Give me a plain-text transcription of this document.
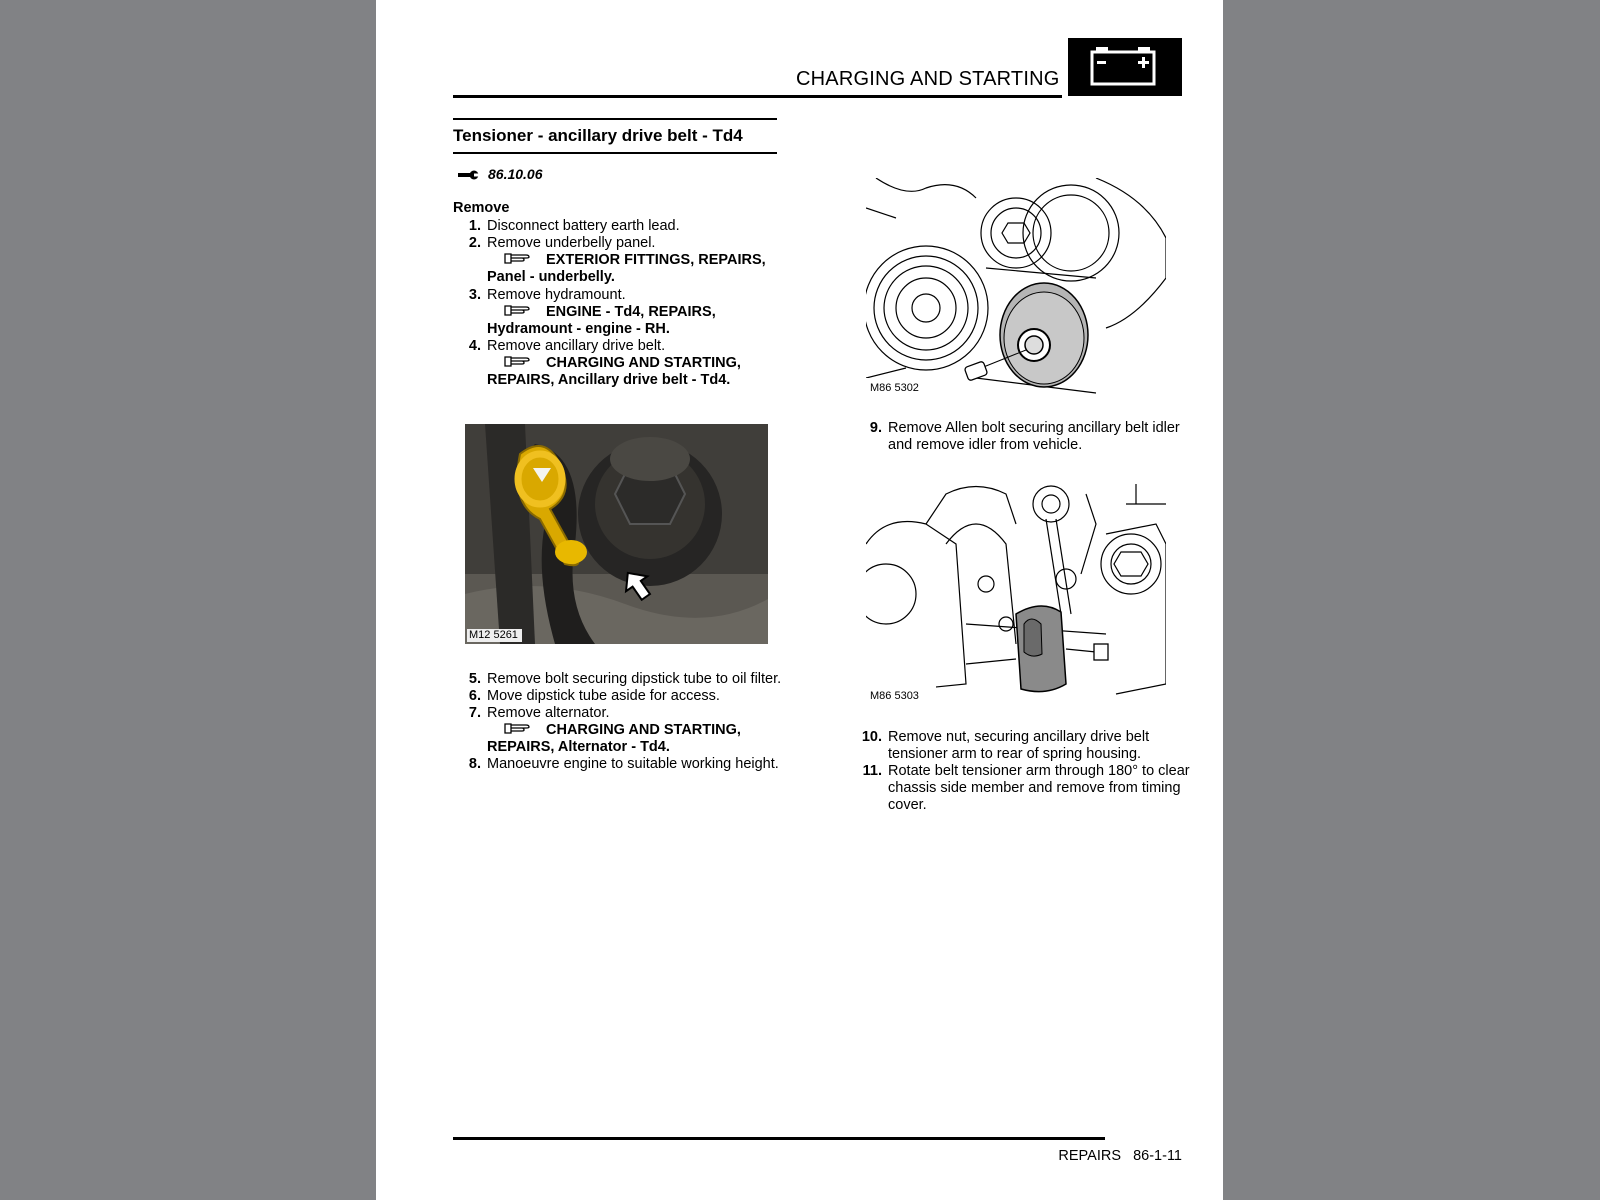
CHARGING AND STARTING
Tensioner - ancillary drive belt - Td4
86.10.06
Remove
1. Disconnect battery earth lead.
2. Remove underbelly panel.
EXTERIOR FITTINGS, REPAIRS,
Panel - underbelly.
3. Remove hydramount.
ENGINE - Td4, REPAIRS,
Hydramount - engine - RH.
4. Remove ancillary drive belt.
CHARGING AND STARTING,
REPAIRS, Ancillary drive belt - Td4.
M12 5261
5. Remove bolt securing dipstick tube to oil filter.
6. Move dipstick tube aside for access.
7. Remove alternator.
CHARGING AND STARTING,
REPAIRS, Alternator - Td4.
8. Manoeuvre engine to suitable working height.
M86 5302
9. Remove Allen bolt securing ancillary belt idler
and remove idler from vehicle.
M86 5303
10. Remove nut, securing ancillary drive belt
tensioner arm to rear of spring housing.
11. Rotate belt tensioner arm through 180° to clear
chassis side member and remove from timing
cover.
REPAIRS 86-1-11
